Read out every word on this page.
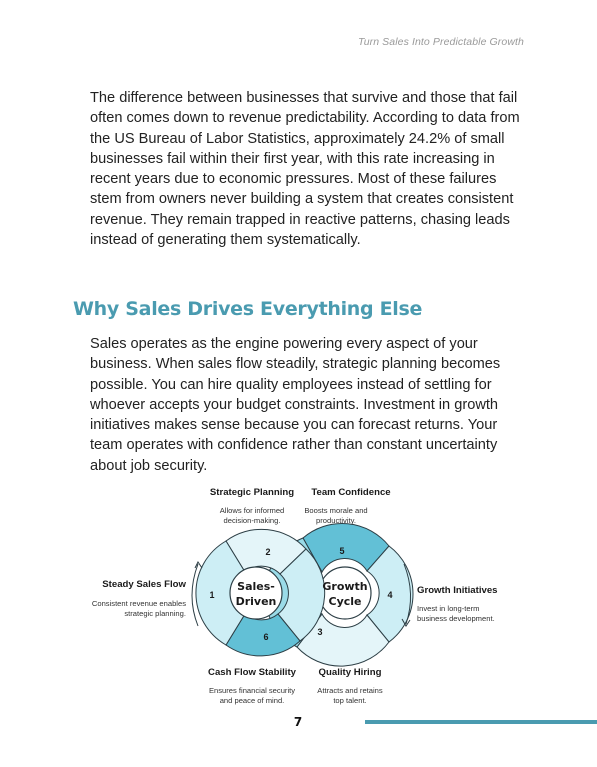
Turn Sales Into Predictable Growth

The difference between businesses that survive and those that fail often comes down to revenue predictability. According to data from the US Bureau of Labor Statistics, approximately 24.2% of small businesses fail within their first year, with this rate increasing in recent years due to economic pressures. Most of these failures stem from owners never building a system that creates consistent revenue. They remain trapped in reactive patterns, chasing leads instead of generating them systematically.

Why Sales Drives Everything Else

Sales operates as the engine powering every aspect of your business. When sales flow steadily, strategic planning becomes possible. You can hire quality employees instead of settling for whoever accepts your budget constraints. Investment in growth initiatives makes sense because you can forecast returns. Your team operates with confidence rather than constant uncertainty about job security.

Sales-
Driven
Growth
Cycle
1
2
3
4
5
6
Strategic Planning
Allows for informed
decision-making.
Team Confidence
Boosts morale and
productivity.
Steady Sales Flow
Consistent revenue enables
strategic planning.
Growth Initiatives
Invest in long-term
business development.
Cash Flow Stability
Ensures financial security
and peace of mind.
Quality Hiring
Attracts and retains
top talent.
7
